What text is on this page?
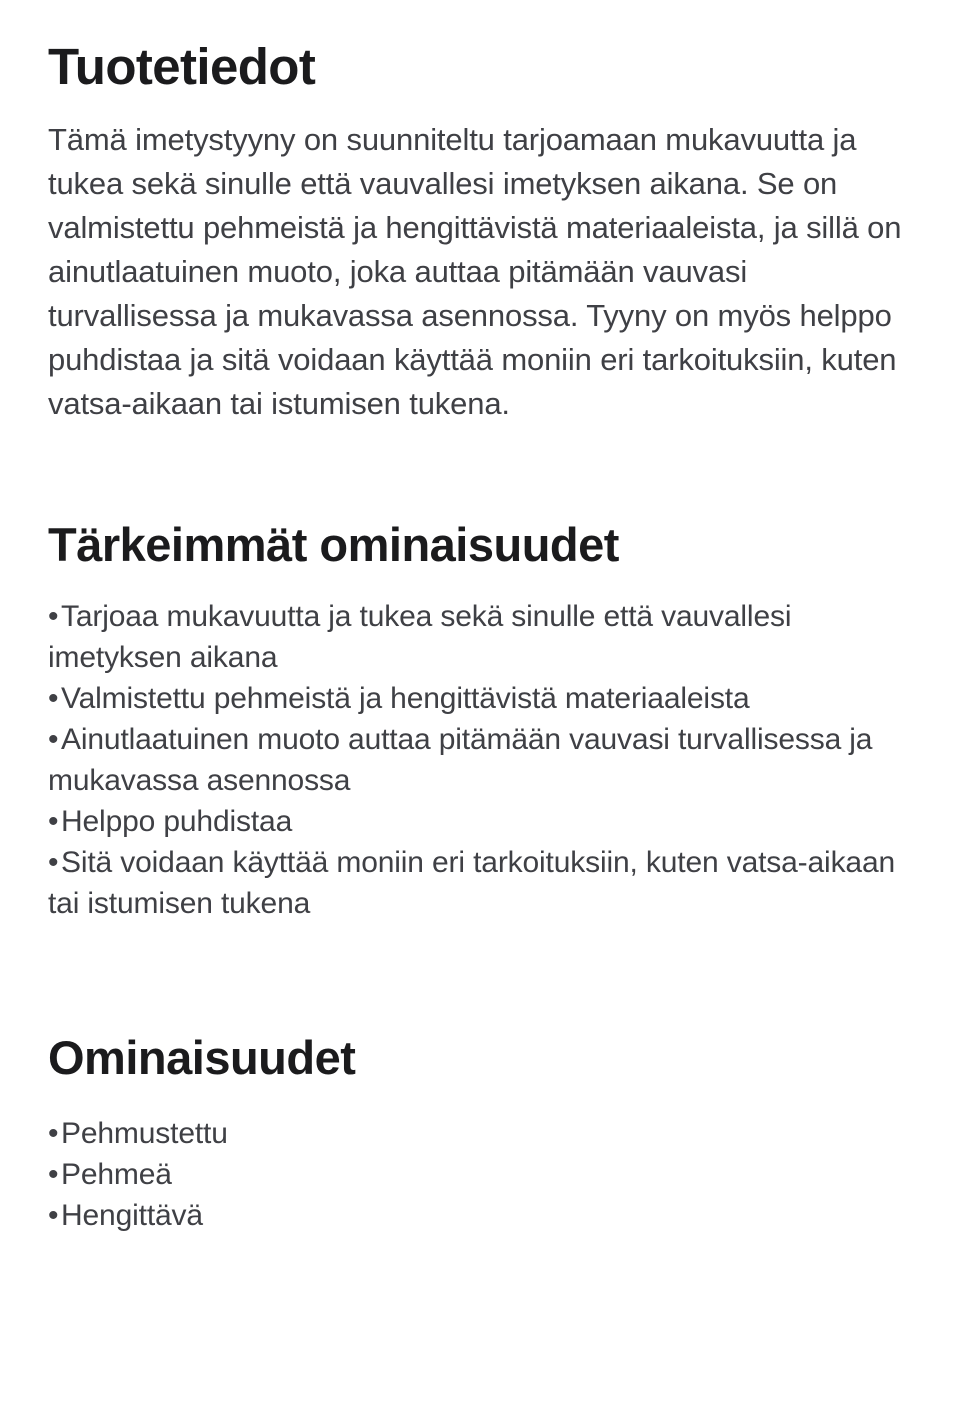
Tuotetiedot

Tämä imetystyyny on suunniteltu tarjoamaan mukavuutta ja tukea sekä sinulle että vauvallesi imetyksen aikana. Se on valmistettu pehmeistä ja hengittävistä materiaaleista, ja sillä on ainutlaatuinen muoto, joka auttaa pitämään vauvasi turvallisessa ja mukavassa asennossa. Tyyny on myös helppo puhdistaa ja sitä voidaan käyttää moniin eri tarkoituksiin, kuten vatsa-aikaan tai istumisen tukena.

Tärkeimmät ominaisuudet
•Tarjoaa mukavuutta ja tukea sekä sinulle että vauvallesi imetyksen aikana
•Valmistettu pehmeistä ja hengittävistä materiaaleista
•Ainutlaatuinen muoto auttaa pitämään vauvasi turvallisessa ja mukavassa asennossa
•Helppo puhdistaa
•Sitä voidaan käyttää moniin eri tarkoituksiin, kuten vatsa-aikaan tai istumisen tukena
Ominaisuudet
•Pehmustettu
•Pehmeä
•Hengittävä
